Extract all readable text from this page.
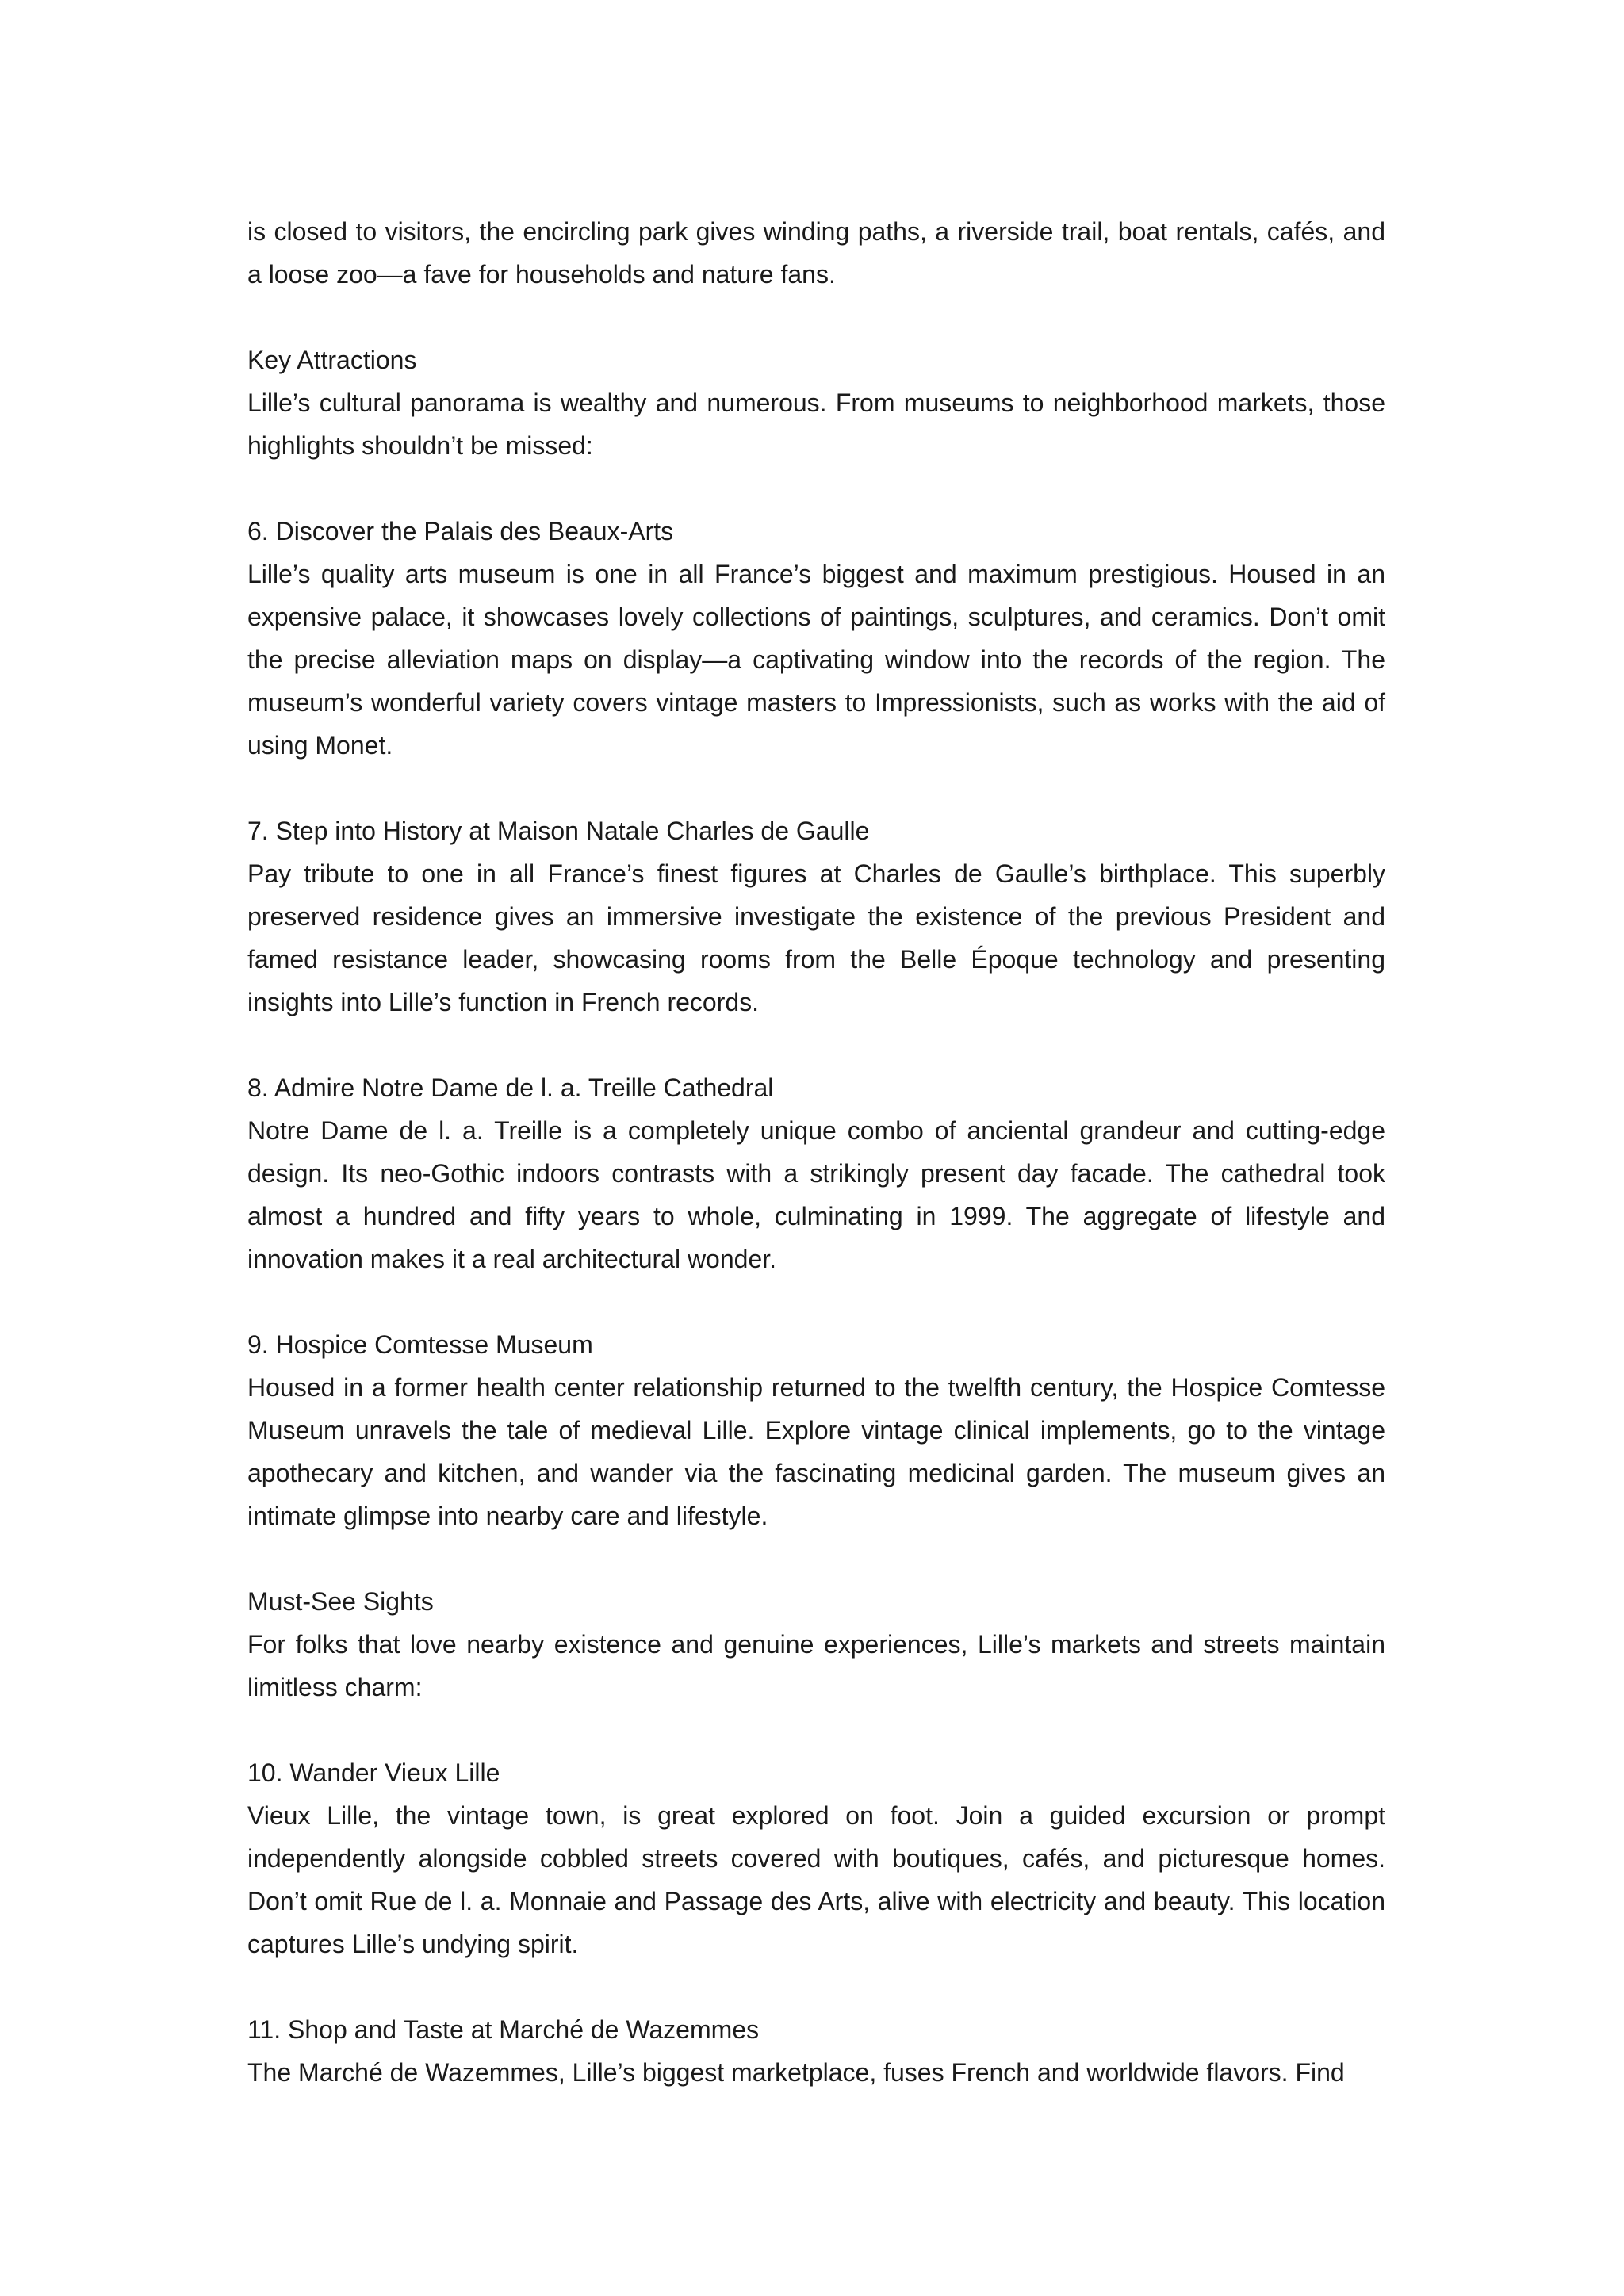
is closed to visitors, the encircling park gives winding paths, a riverside trail, boat rentals, cafés, and a loose zoo—a fave for households and nature fans.

Key Attractions

Lille’s cultural panorama is wealthy and numerous. From museums to neighborhood markets, those highlights shouldn’t be missed:

6. Discover the Palais des Beaux-Arts

Lille’s quality arts museum is one in all France’s biggest and maximum prestigious. Housed in an expensive palace, it showcases lovely collections of paintings, sculptures, and ceramics. Don’t omit the precise alleviation maps on display—a captivating window into the records of the region. The museum’s wonderful variety covers vintage masters to Impressionists, such as works with the aid of using Monet.

7. Step into History at Maison Natale Charles de Gaulle

Pay tribute to one in all France’s finest figures at Charles de Gaulle’s birthplace. This superbly preserved residence gives an immersive investigate the existence of the previous President and famed resistance leader, showcasing rooms from the Belle Époque technology and presenting insights into Lille’s function in French records.

8. Admire Notre Dame de l. a. Treille Cathedral

Notre Dame de l. a. Treille is a completely unique combo of anciental grandeur and cutting-edge design. Its neo-Gothic indoors contrasts with a strikingly present day facade. The cathedral took almost a hundred and fifty years to whole, culminating in 1999. The aggregate of lifestyle and innovation makes it a real architectural wonder.

9. Hospice Comtesse Museum

Housed in a former health center relationship returned to the twelfth century, the Hospice Comtesse Museum unravels the tale of medieval Lille. Explore vintage clinical implements, go to the vintage apothecary and kitchen, and wander via the fascinating medicinal garden. The museum gives an intimate glimpse into nearby care and lifestyle.

Must-See Sights

For folks that love nearby existence and genuine experiences, Lille’s markets and streets maintain limitless charm:

10. Wander Vieux Lille

Vieux Lille, the vintage town, is great explored on foot. Join a guided excursion or prompt independently alongside cobbled streets covered with boutiques, cafés, and picturesque homes. Don’t omit Rue de l. a. Monnaie and Passage des Arts, alive with electricity and beauty. This location captures Lille’s undying spirit.

11. Shop and Taste at Marché de Wazemmes

The Marché de Wazemmes, Lille’s biggest marketplace, fuses French and worldwide flavors. Find
